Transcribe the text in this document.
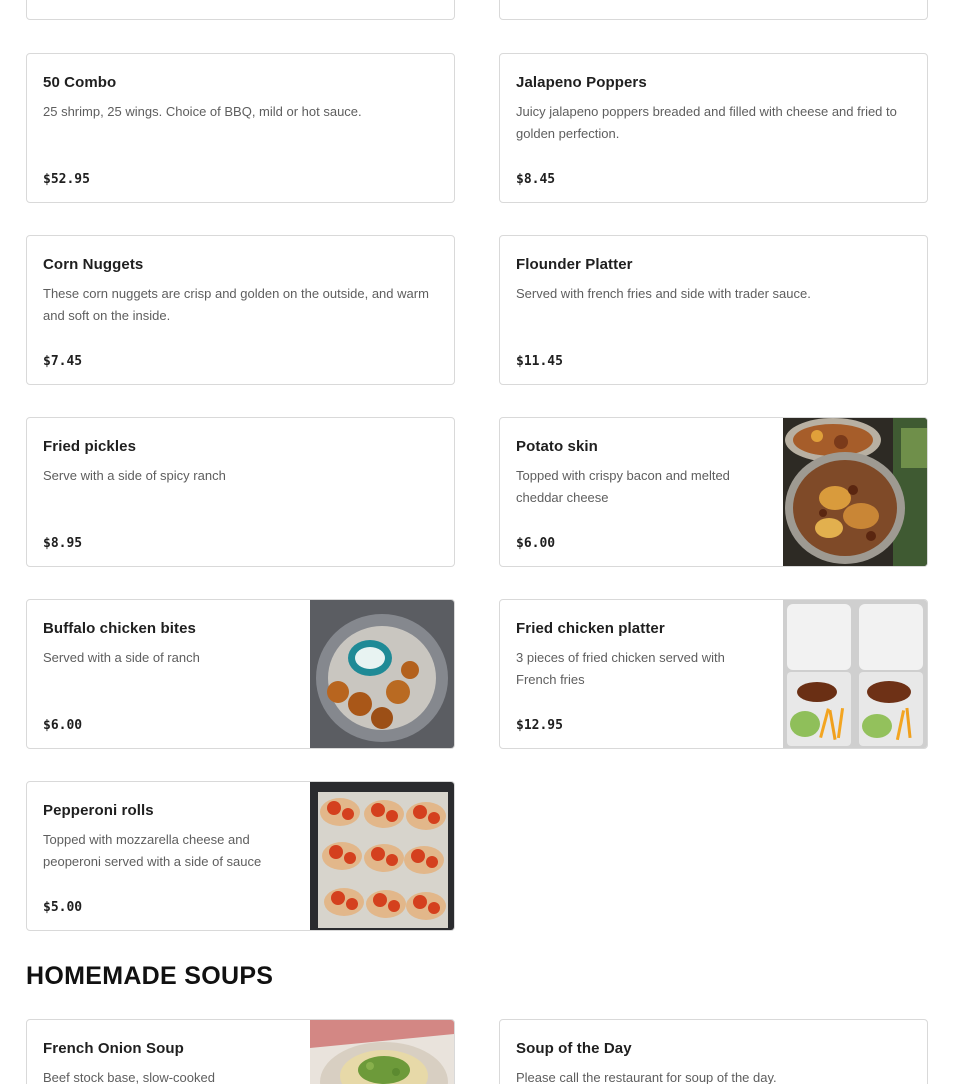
50 Combo
25 shrimp, 25 wings. Choice of BBQ, mild or hot sauce.
$52.95
Jalapeno Poppers
Juicy jalapeno poppers breaded and filled with cheese and fried to golden perfection.
$8.45
Corn Nuggets
These corn nuggets are crisp and golden on the outside, and warm and soft on the inside.
$7.45
Flounder Platter
Served with french fries and side with trader sauce.
$11.45
Fried pickles
Serve with a side of spicy ranch
$8.95
Potato skin
Topped with crispy bacon and melted cheddar cheese
$6.00
Buffalo chicken bites
Served with a side of ranch
$6.00
Fried chicken platter
3 pieces of fried chicken served with French fries
$12.95
Pepperoni rolls
Topped with mozzarella cheese and peoperoni served with a side of sauce
$5.00
HOMEMADE SOUPS
French Onion Soup
Beef stock base, slow-cooked
Soup of the Day
Please call the restaurant for soup of the day.
